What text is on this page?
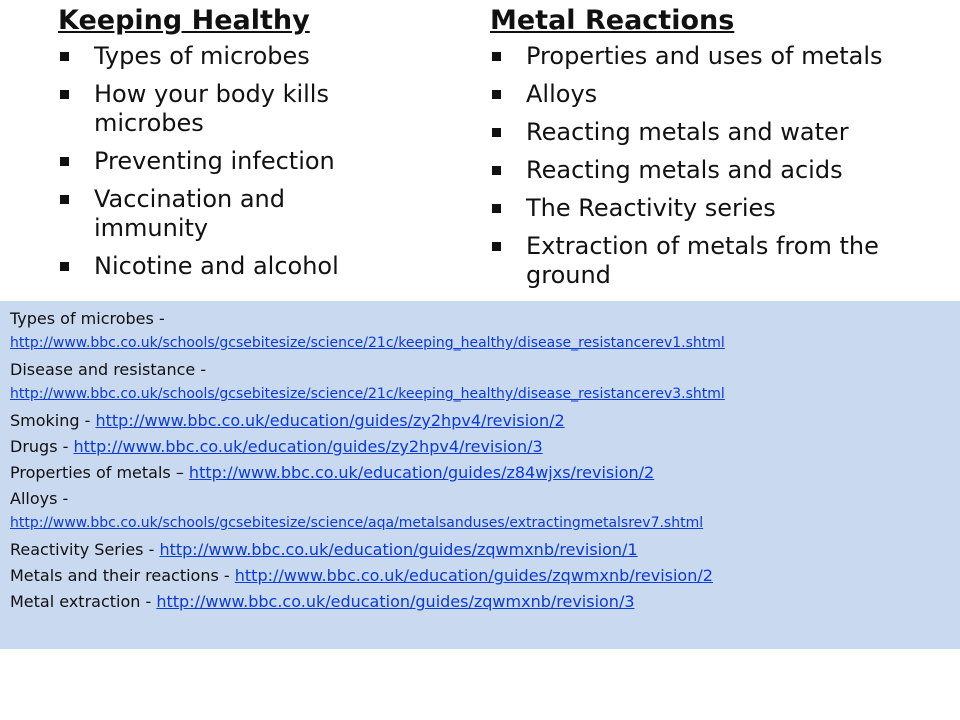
Keeping Healthy
Types of microbes
How your body kills microbes
Preventing infection
Vaccination and immunity
Nicotine and alcohol
Metal Reactions
Properties and uses of metals
Alloys
Reacting metals and water
Reacting metals and acids
The Reactivity series
Extraction of metals from the ground
Types of microbes -
http://www.bbc.co.uk/schools/gcsebitesize/science/21c/keeping_healthy/disease_resistancerev1.shtml
Disease and resistance -
http://www.bbc.co.uk/schools/gcsebitesize/science/21c/keeping_healthy/disease_resistancerev3.shtml
Smoking - http://www.bbc.co.uk/education/guides/zy2hpv4/revision/2
Drugs - http://www.bbc.co.uk/education/guides/zy2hpv4/revision/3
Properties of metals – http://www.bbc.co.uk/education/guides/z84wjxs/revision/2
Alloys -
http://www.bbc.co.uk/schools/gcsebitesize/science/aqa/metalsanduses/extractingmetalsrev7.shtml
Reactivity Series - http://www.bbc.co.uk/education/guides/zqwmxnb/revision/1
Metals and their reactions - http://www.bbc.co.uk/education/guides/zqwmxnb/revision/2
Metal extraction - http://www.bbc.co.uk/education/guides/zqwmxnb/revision/3
